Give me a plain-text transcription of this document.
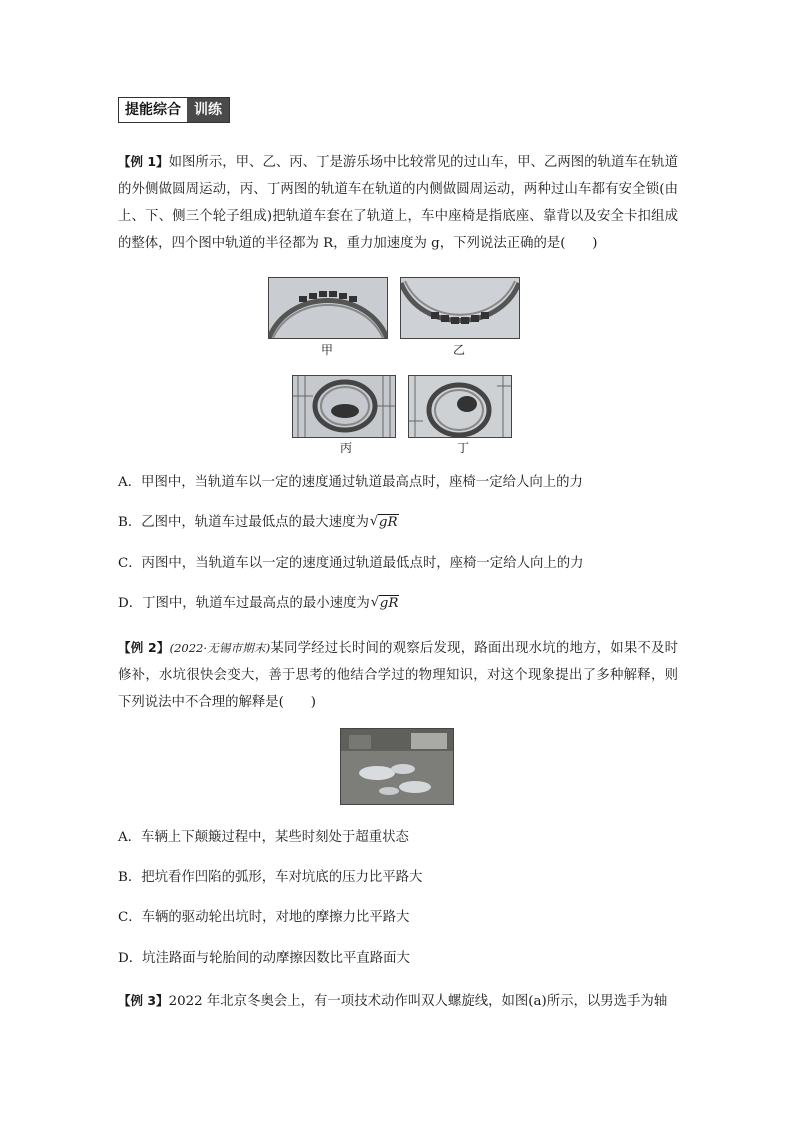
提能综合 训练
【例 1】如图所示，甲、乙、丙、丁是游乐场中比较常见的过山车，甲、乙两图的轨道车在轨道的外侧做圆周运动，丙、丁两图的轨道车在轨道的内侧做圆周运动，两种过山车都有安全锁(由上、下、侧三个轮子组成)把轨道车套在了轨道上，车中座椅是指底座、靠背以及安全卡扣组成的整体，四个图中轨道的半径都为 R，重力加速度为 g，下列说法正确的是(　　)
甲	乙
丙	丁
A．甲图中，当轨道车以一定的速度通过轨道最高点时，座椅一定给人向上的力
B．乙图中，轨道车过最低点的最大速度为 √ gR
C．丙图中，当轨道车以一定的速度通过轨道最低点时，座椅一定给人向上的力
D．丁图中，轨道车过最高点的最小速度为 √ gR
【例 2】(2022·无锡市期末)某同学经过长时间的观察后发现，路面出现水坑的地方，如果不及时修补，水坑很快会变大，善于思考的他结合学过的物理知识，对这个现象提出了多种解释，则下列说法中不合理的解释是(　　)
A．车辆上下颠簸过程中，某些时刻处于超重状态
B．把坑看作凹陷的弧形，车对坑底的压力比平路大
C．车辆的驱动轮出坑时，对地的摩擦力比平路大
D．坑洼路面与轮胎间的动摩擦因数比平直路面大
【例 3】2022 年北京冬奥会上，有一项技术动作叫双人螺旋线，如图(a)所示，以男选手为轴
